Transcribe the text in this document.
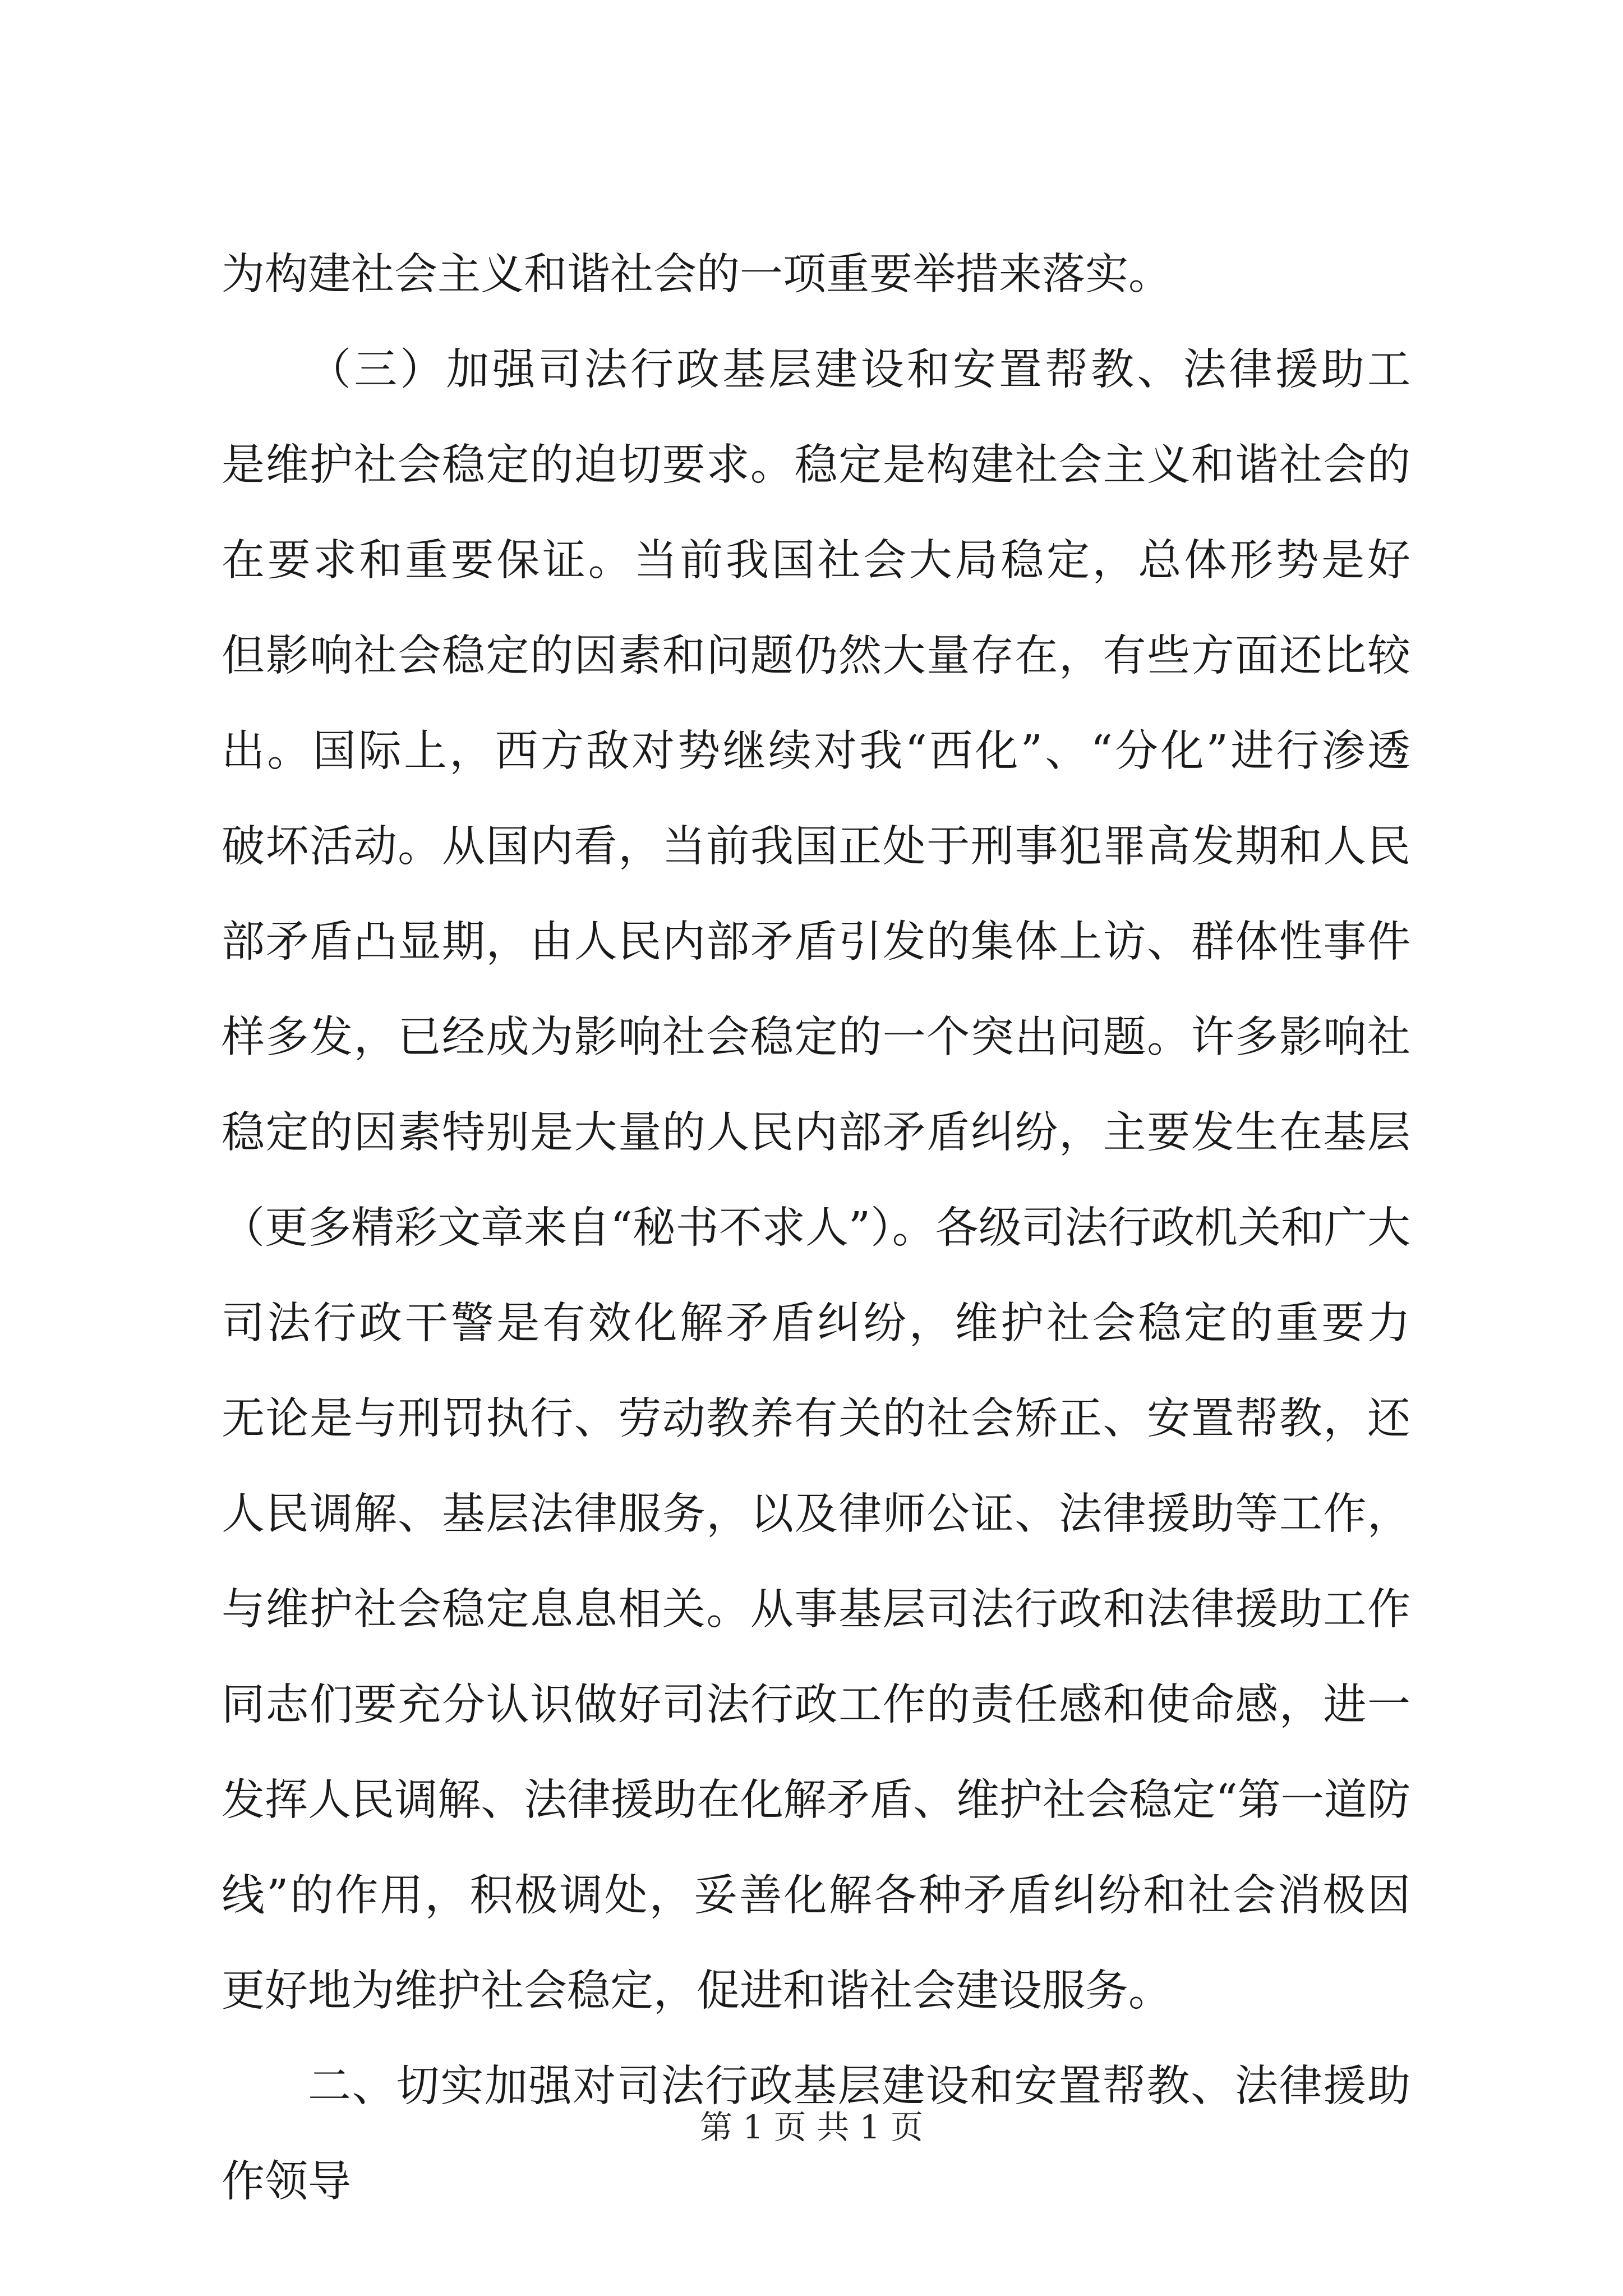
为构建社会主义和谐社会的一项重要举措来落实。
（三）加强司法行政基层建设和安置帮教、法律援助工
是维护社会稳定的迫切要求。稳定是构建社会主义和谐社会的
在要求和重要保证。当前我国社会大局稳定，总体形势是好
但影响社会稳定的因素和问题仍然大量存在，有些方面还比较
出。国际上，西方敌对势继续对我“西化”、“分化”进行渗透
破坏活动。从国内看，当前我国正处于刑事犯罪高发期和人民
部矛盾凸显期，由人民内部矛盾引发的集体上访、群体性事件
样多发，已经成为影响社会稳定的一个突出问题。许多影响社
稳定的因素特别是大量的人民内部矛盾纠纷，主要发生在基层
（更多精彩文章来自“秘书不求人”）。各级司法行政机关和广大
司法行政干警是有效化解矛盾纠纷，维护社会稳定的重要力
无论是与刑罚执行、劳动教养有关的社会矫正、安置帮教，还
人民调解、基层法律服务，以及律师公证、法律援助等工作，
与维护社会稳定息息相关。从事基层司法行政和法律援助工作
同志们要充分认识做好司法行政工作的责任感和使命感，进一
发挥人民调解、法律援助在化解矛盾、维护社会稳定“第一道防
线”的作用，积极调处，妥善化解各种矛盾纠纷和社会消极因
更好地为维护社会稳定，促进和谐社会建设服务。
二、切实加强对司法行政基层建设和安置帮教、法律援助
作领导
第 1 页 共 1 页
